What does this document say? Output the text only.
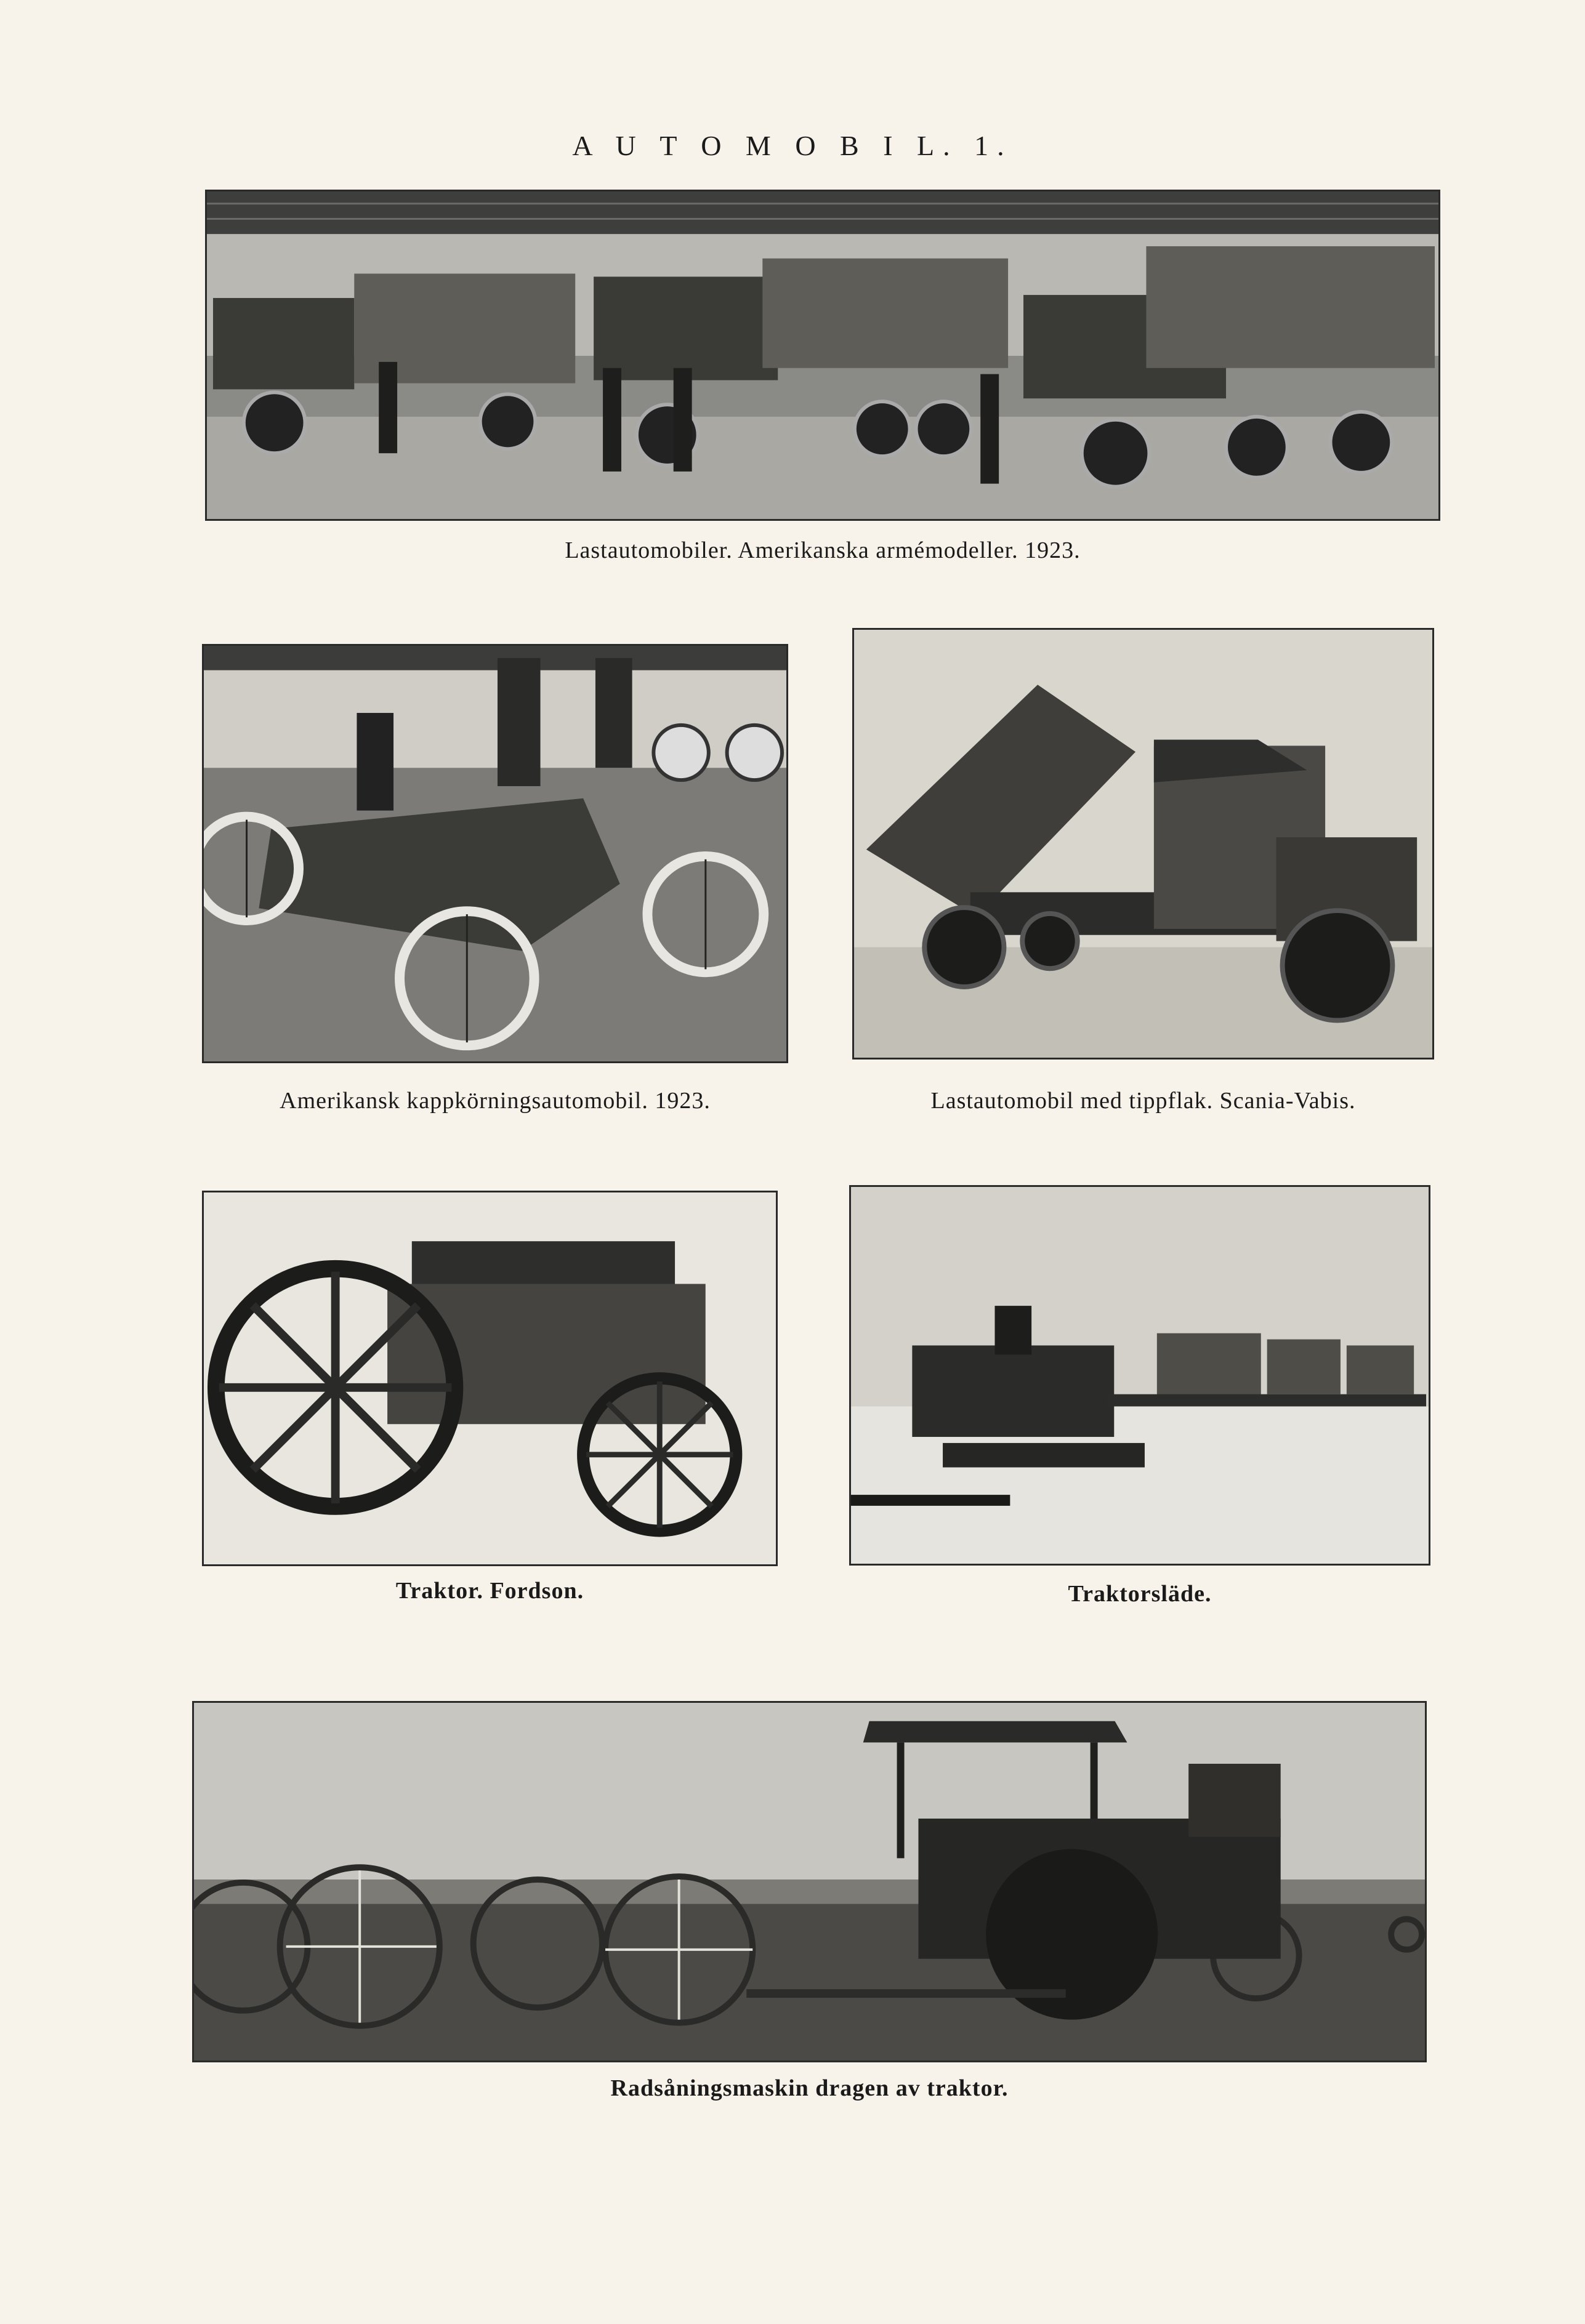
A U T O M O B I L. 1.
Lastautomobiler. Amerikanska armémodeller. 1923.
Amerikansk kappkörningsautomobil. 1923.	Lastautomobil med tippflak. Scania-Vabis.
Traktor. Fordson.	Traktorsläde.
Radsåningsmaskin dragen av traktor.
